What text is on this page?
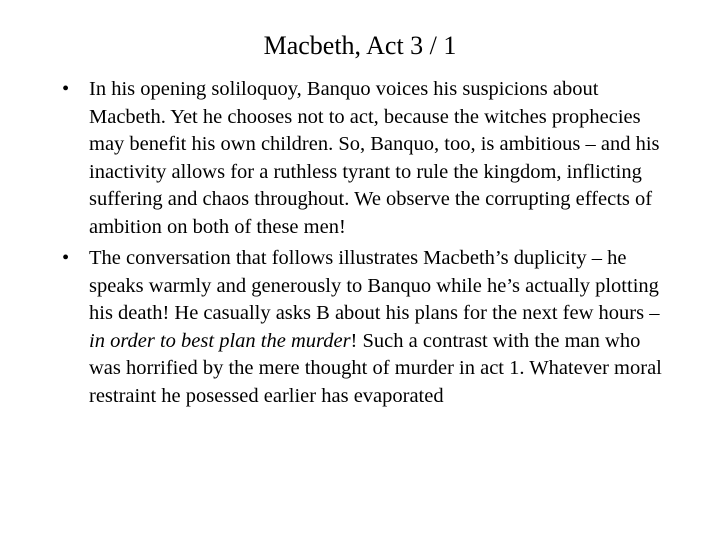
Macbeth, Act 3 / 1
• In his opening soliloquoy, Banquo voices his suspicions about Macbeth. Yet he chooses not to act, because the witches prophecies may benefit his own children. So, Banquo, too, is ambitious – and his inactivity allows for a ruthless tyrant to rule the kingdom, inflicting suffering and chaos throughout. We observe the corrupting effects of ambition on both of these men!
• The conversation that follows illustrates Macbeth’s duplicity – he speaks warmly and generously to Banquo while he’s actually plotting his death! He casually asks B about his plans for the next few hours – in order to best plan the murder! Such a contrast with the man who was horrified by the mere thought of murder in act 1. Whatever moral restraint he posessed earlier has evaporated
